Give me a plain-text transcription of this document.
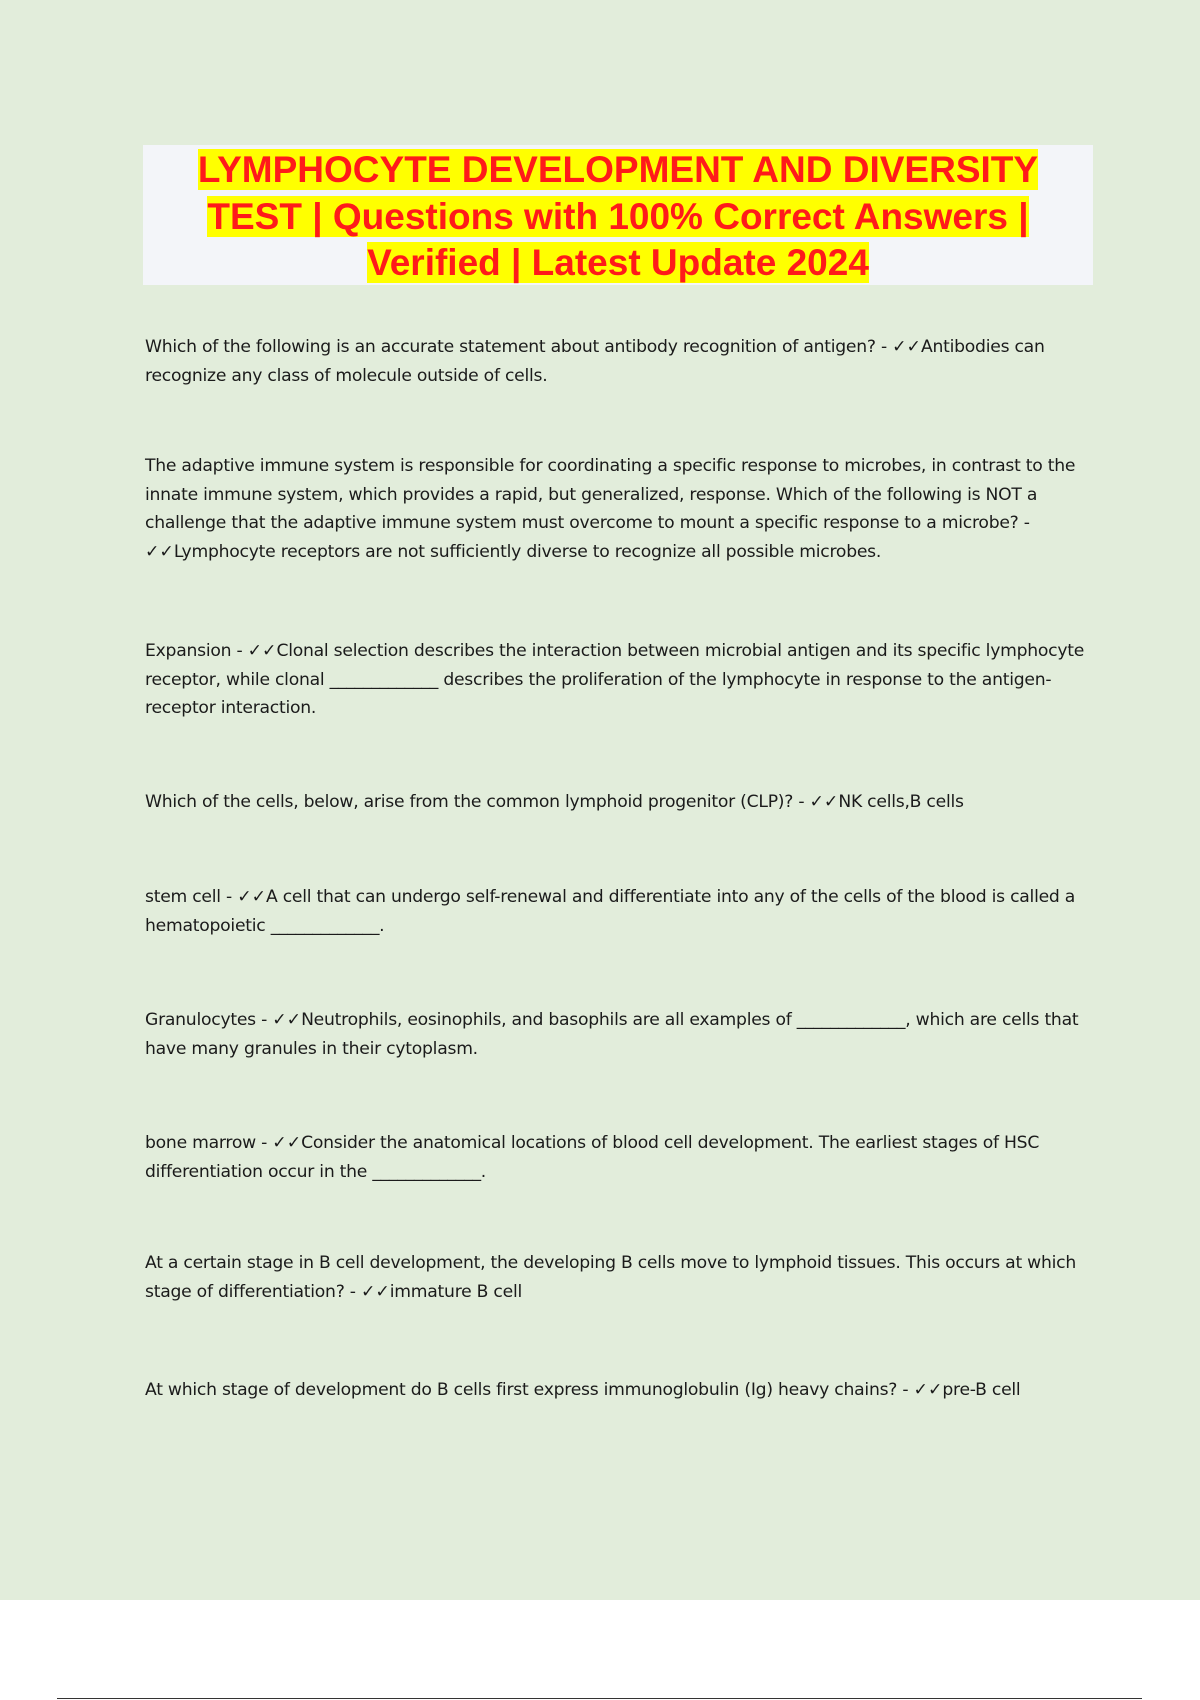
LYMPHOCYTE DEVELOPMENT AND DIVERSITY
TEST | Questions with 100% Correct Answers |
Verified | Latest Update 2024

Which of the following is an accurate statement about antibody recognition of antigen? - ✓✓Antibodies can recognize any class of molecule outside of cells.

The adaptive immune system is responsible for coordinating a specific response to microbes, in contrast to the innate immune system, which provides a rapid, but generalized, response. Which of the following is NOT a challenge that the adaptive immune system must overcome to mount a specific response to a microbe? - ✓✓Lymphocyte receptors are not sufficiently diverse to recognize all possible microbes.

Expansion - ✓✓Clonal selection describes the interaction between microbial antigen and its specific lymphocyte receptor, while clonal _____________ describes the proliferation of the lymphocyte in response to the antigen-receptor interaction.

Which of the cells, below, arise from the common lymphoid progenitor (CLP)? - ✓✓NK cells,B cells

stem cell - ✓✓A cell that can undergo self-renewal and differentiate into any of the cells of the blood is called a hematopoietic _____________.

Granulocytes - ✓✓Neutrophils, eosinophils, and basophils are all examples of _____________, which are cells that have many granules in their cytoplasm.

bone marrow - ✓✓Consider the anatomical locations of blood cell development. The earliest stages of HSC differentiation occur in the _____________.

At a certain stage in B cell development, the developing B cells move to lymphoid tissues. This occurs at which stage of differentiation? - ✓✓immature B cell

At which stage of development do B cells first express immunoglobulin (Ig) heavy chains? - ✓✓pre-B cell
